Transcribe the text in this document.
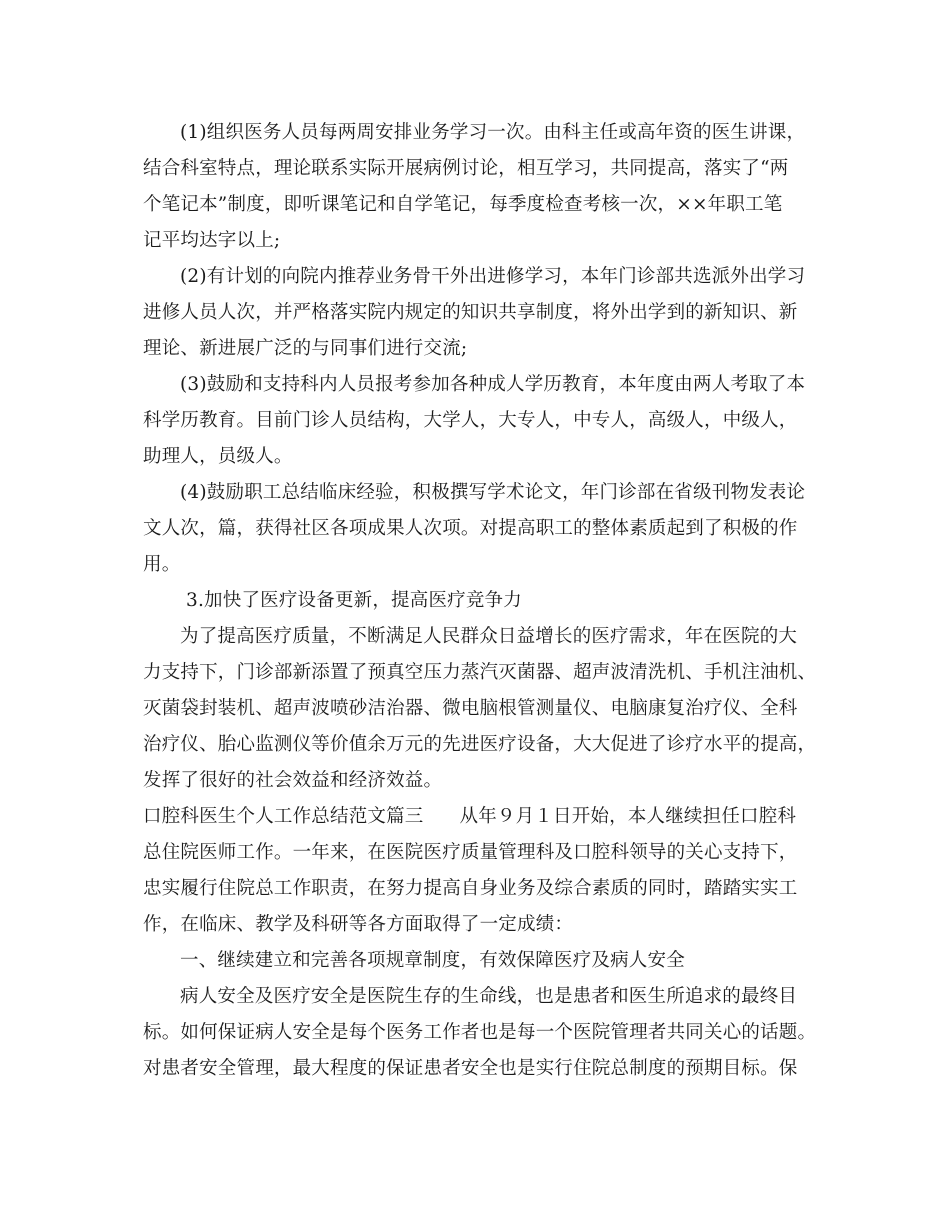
(1)组织医务人员每两周安排业务学习一次。由科主任或高年资的医生讲课，
结合科室特点，理论联系实际开展病例讨论，相互学习，共同提高，落实了“两
个笔记本”制度，即听课笔记和自学笔记，每季度检查考核一次，××年职工笔
记平均达字以上;
(2)有计划的向院内推荐业务骨干外出进修学习，本年门诊部共选派外出学习
进修人员人次，并严格落实院内规定的知识共享制度，将外出学到的新知识、新
理论、新进展广泛的与同事们进行交流;
(3)鼓励和支持科内人员报考参加各种成人学历教育，本年度由两人考取了本
科学历教育。目前门诊人员结构，大学人，大专人，中专人，高级人，中级人，
助理人，员级人。
(4)鼓励职工总结临床经验，积极撰写学术论文，年门诊部在省级刊物发表论
文人次，篇，获得社区各项成果人次项。对提高职工的整体素质起到了积极的作
用。
3.加快了医疗设备更新，提高医疗竞争力
为了提高医疗质量，不断满足人民群众日益增长的医疗需求，年在医院的大
力支持下，门诊部新添置了预真空压力蒸汽灭菌器、超声波清洗机、手机注油机、
灭菌袋封装机、超声波喷砂洁治器、微电脑根管测量仪、电脑康复治疗仪、全科
治疗仪、胎心监测仪等价值余万元的先进医疗设备，大大促进了诊疗水平的提高，
发挥了很好的社会效益和经济效益。
口腔科医生个人工作总结范文篇三 从年９月１日开始，本人继续担任口腔科
总住院医师工作。一年来，在医院医疗质量管理科及口腔科领导的关心支持下，
忠实履行住院总工作职责，在努力提高自身业务及综合素质的同时，踏踏实实工
作，在临床、教学及科研等各方面取得了一定成绩：
一、继续建立和完善各项规章制度，有效保障医疗及病人安全
病人安全及医疗安全是医院生存的生命线，也是患者和医生所追求的最终目
标。如何保证病人安全是每个医务工作者也是每一个医院管理者共同关心的话题。
对患者安全管理，最大程度的保证患者安全也是实行住院总制度的预期目标。保
